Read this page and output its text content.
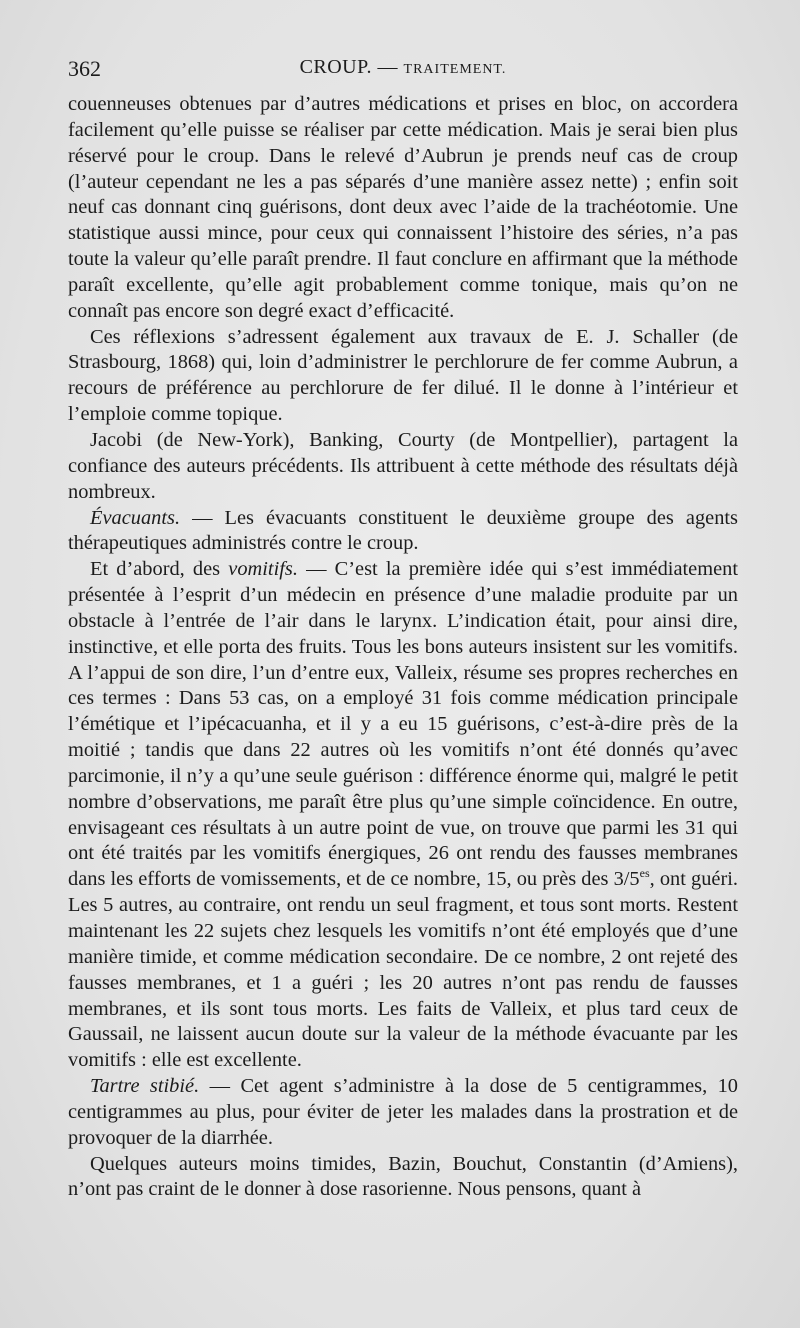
362	CROUP. — TRAITEMENT.

couenneuses obtenues par d’autres médications et prises en bloc, on accordera facilement qu’elle puisse se réaliser par cette médication. Mais je serai bien plus réservé pour le croup. Dans le relevé d’Aubrun je prends neuf cas de croup (l’auteur cependant ne les a pas séparés d’une manière assez nette) ; enfin soit neuf cas donnant cinq guérisons, dont deux avec l’aide de la trachéotomie. Une statistique aussi mince, pour ceux qui connaissent l’histoire des séries, n’a pas toute la valeur qu’elle paraît prendre. Il faut conclure en affirmant que la méthode paraît excellente, qu’elle agit probablement comme tonique, mais qu’on ne connaît pas encore son degré exact d’efficacité.

Ces réflexions s’adressent également aux travaux de E. J. Schaller (de Strasbourg, 1868) qui, loin d’administrer le perchlorure de fer comme Aubrun, a recours de préférence au perchlorure de fer dilué. Il le donne à l’intérieur et l’emploie comme topique.

Jacobi (de New-York), Banking, Courty (de Montpellier), partagent la confiance des auteurs précédents. Ils attribuent à cette méthode des résultats déjà nombreux.

Évacuants. — Les évacuants constituent le deuxième groupe des agents thérapeutiques administrés contre le croup.

Et d’abord, des vomitifs. — C’est la première idée qui s’est immédiatement présentée à l’esprit d’un médecin en présence d’une maladie produite par un obstacle à l’entrée de l’air dans le larynx. L’indication était, pour ainsi dire, instinctive, et elle porta des fruits. Tous les bons auteurs insistent sur les vomitifs. A l’appui de son dire, l’un d’entre eux, Valleix, résume ses propres recherches en ces termes : Dans 53 cas, on a employé 31 fois comme médication principale l’émétique et l’ipécacuanha, et il y a eu 15 guérisons, c’est-à-dire près de la moitié ; tandis que dans 22 autres où les vomitifs n’ont été donnés qu’avec parcimonie, il n’y a qu’une seule guérison : différence énorme qui, malgré le petit nombre d’observations, me paraît être plus qu’une simple coïncidence. En outre, envisageant ces résultats à un autre point de vue, on trouve que parmi les 31 qui ont été traités par les vomitifs énergiques, 26 ont rendu des fausses membranes dans les efforts de vomissements, et de ce nombre, 15, ou près des $3/5^{es}$, ont guéri. Les 5 autres, au contraire, ont rendu un seul fragment, et tous sont morts. Restent maintenant les 22 sujets chez lesquels les vomitifs n’ont été employés que d’une manière timide, et comme médication secondaire. De ce nombre, 2 ont rejeté des fausses membranes, et 1 a guéri ; les 20 autres n’ont pas rendu de fausses membranes, et ils sont tous morts. Les faits de Valleix, et plus tard ceux de Gaussail, ne laissent aucun doute sur la valeur de la méthode évacuante par les vomitifs : elle est excellente.

Tartre stibié. — Cet agent s’administre à la dose de 5 centigrammes, 10 centigrammes au plus, pour éviter de jeter les malades dans la prostration et de provoquer de la diarrhée.

Quelques auteurs moins timides, Bazin, Bouchut, Constantin (d’Amiens), n’ont pas craint de le donner à dose rasorienne. Nous pensons, quant à
